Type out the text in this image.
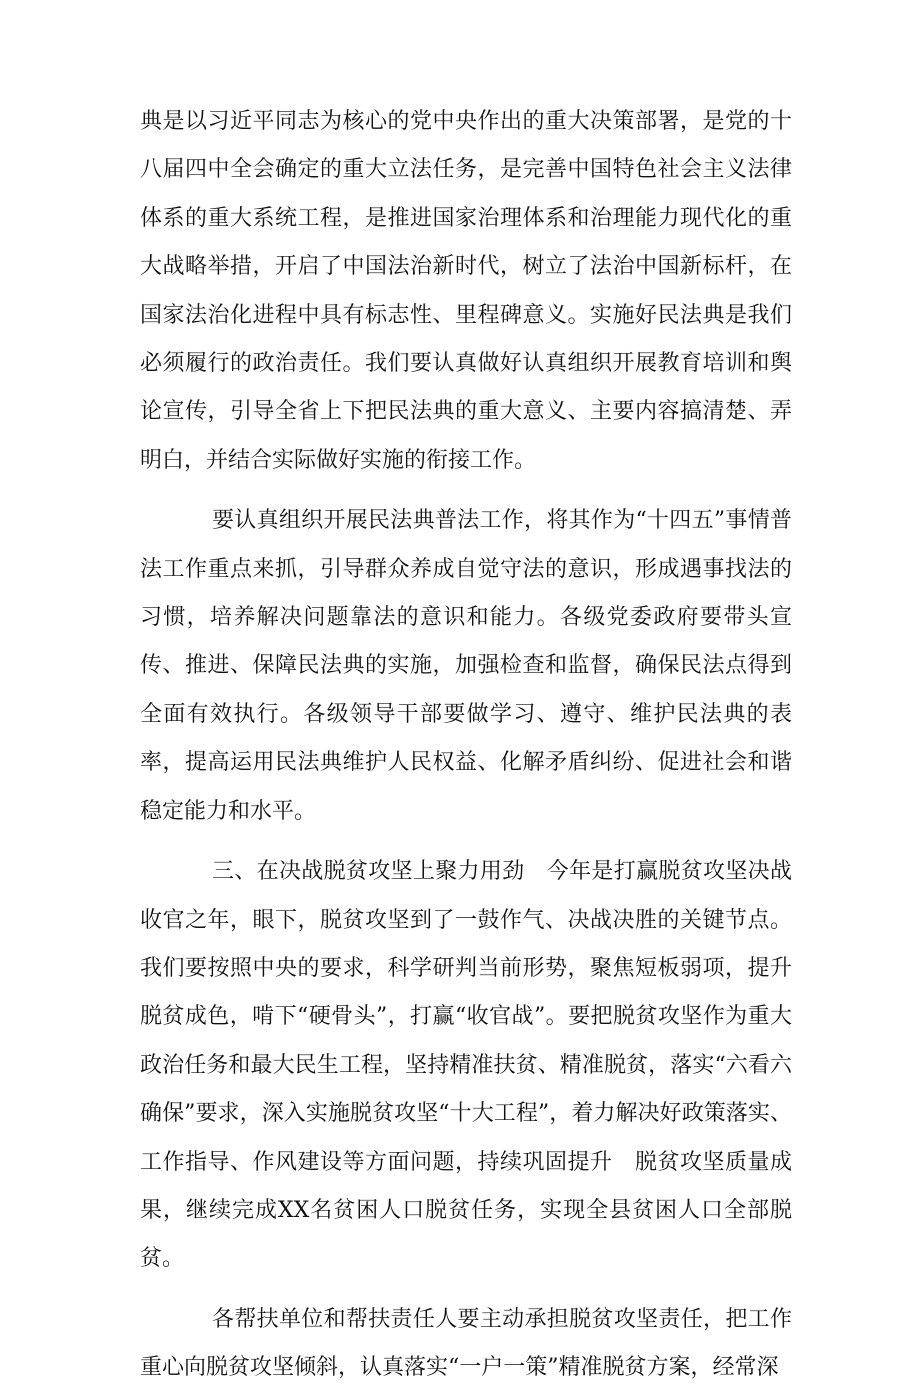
典是以习近平同志为核心的党中央作出的重大决策部署，是党的十八届四中全会确定的重大立法任务，是完善中国特色社会主义法律体系的重大系统工程，是推进国家治理体系和治理能力现代化的重大战略举措，开启了中国法治新时代，树立了法治中国新标杆，在国家法治化进程中具有标志性、里程碑意义。实施好民法典是我们必须履行的政治责任。我们要认真做好认真组织开展教育培训和舆论宣传，引导全省上下把民法典的重大意义、主要内容搞清楚、弄明白，并结合实际做好实施的衔接工作。

要认真组织开展民法典普法工作，将其作为“十四五”事情普法工作重点来抓，引导群众养成自觉守法的意识，形成遇事找法的习惯，培养解决问题靠法的意识和能力。各级党委政府要带头宣传、推进、保障民法典的实施，加强检查和监督，确保民法点得到全面有效执行。各级领导干部要做学习、遵守、维护民法典的表率，提高运用民法典维护人民权益、化解矛盾纠纷、促进社会和谐稳定能力和水平。

三、在决战脱贫攻坚上聚力用劲　今年是打赢脱贫攻坚决战收官之年，眼下，脱贫攻坚到了一鼓作气、决战决胜的关键节点。我们要按照中央的要求，科学研判当前形势，聚焦短板弱项，提升脱贫成色，啃下“硬骨头”，打赢“收官战”。要把脱贫攻坚作为重大政治任务和最大民生工程，坚持精准扶贫、精准脱贫，落实“六看六确保”要求，深入实施脱贫攻坚“十大工程”，着力解决好政策落实、工作指导、作风建设等方面问题，持续巩固提升　脱贫攻坚质量成果，继续完成XX名贫困人口脱贫任务，实现全县贫困人口全部脱贫。

各帮扶单位和帮扶责任人要主动承担脱贫攻坚责任，把工作重心向脱贫攻坚倾斜，认真落实“一户一策”精准脱贫方案，经常深
